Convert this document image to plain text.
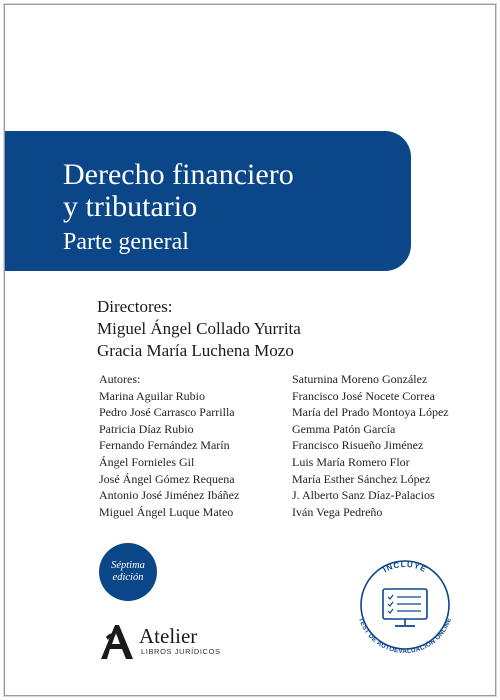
Derecho financiero
y tributario
Parte general
Directores:
Miguel Ángel Collado Yurrita
Gracia María Luchena Mozo
Autores:
Marina Aguilar Rubio
Pedro José Carrasco Parrilla
Patricia Díaz Rubio
Fernando Fernández Marín
Ángel Fornieles Gil
José Ángel Gómez Requena
Antonio José Jiménez Ibáñez
Miguel Ángel Luque Mateo
Saturnina Moreno González
Francisco José Nocete Correa
María del Prado Montoya López
Gemma Patón García
Francisco Risueño Jiménez
Luis María Romero Flor
María Esther Sánchez López
J. Alberto Sanz Díaz-Palacios
Iván Vega Pedreño
Séptima
edición
Atelier
LIBROS JURÍDICOS
INCLUYE
TEST DE AUTOEVALUACIÓN ONLINE
